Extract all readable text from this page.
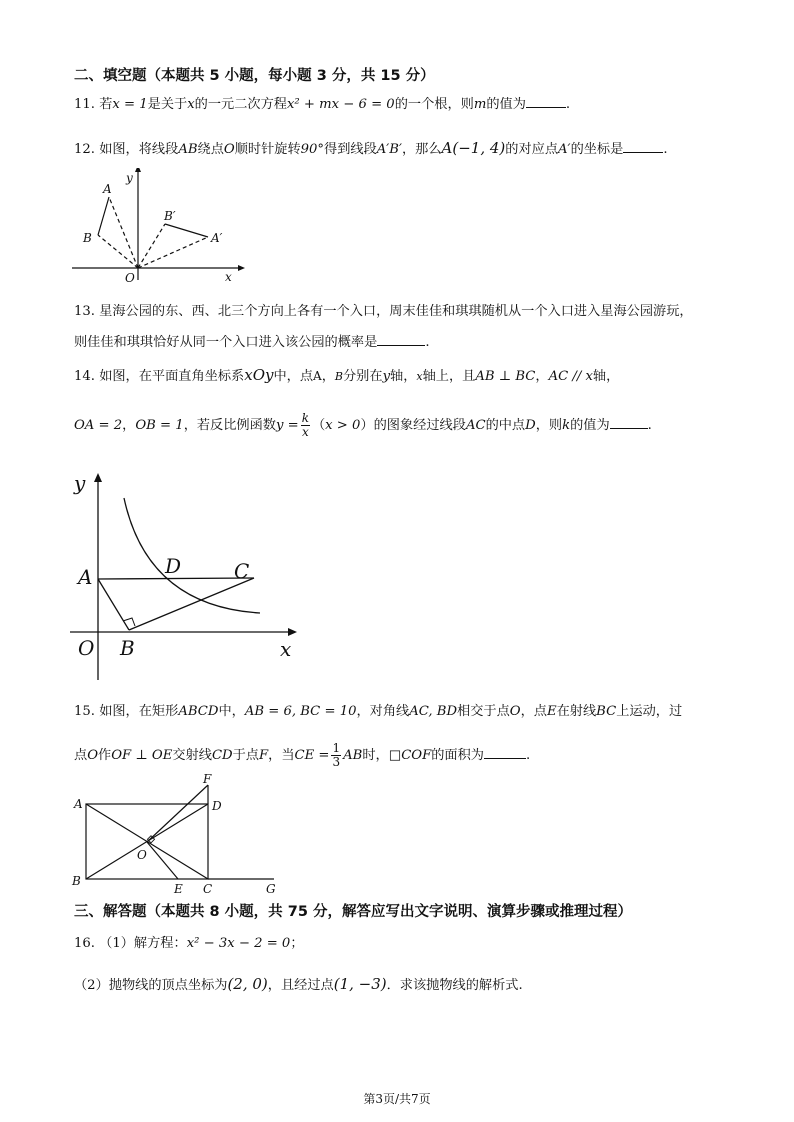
二、填空题（本题共 5 小题，每小题 3 分，共 15 分）
11. 若x = 1是关于x的一元二次方程x² + mx − 6 = 0的一个根，则m的值为	.
12. 如图，将线段AB绕点O顺时针旋转90°得到线段A′B′，那么A(−1, 4)的对应点A′的坐标是	.
A
B
B′
A′
O	x
y
13. 星海公园的东、西、北三个方向上各有一个入口，周末佳佳和琪琪随机从一个入口进入星海公园游玩，
则佳佳和琪琪恰好从同一个入口进入该公园的概率是	.
14. 如图，在平面直角坐标系xOy中，点A，B分别在y轴，x轴上，且AB ⊥ BC，AC // x轴，
OA = 2，OB = 1，若反比例函数$y = \frac{k}{x} (x > 0)$的图象经过线段AC的中点D，则k的值为	.
y
x
A	D	C
O B
15. 如图，在矩形ABCD中，AB = 6, BC = 10，对角线AC, BD相交于点O，点E在射线BC上运动，过
点O作OF ⊥ OE交射线CD于点F，当CE = $\frac{1}{3}$ AB时，□COF的面积为	.
A	D
F
O
B
E C	G
三、解答题（本题共 8 小题，共 75 分，解答应写出文字说明、演算步骤或推理过程）
16. （1）解方程：x² − 3x − 2 = 0；
（2）抛物线的顶点坐标为(2, 0)，且经过点(1, −3)．求该抛物线的解析式.
第3页/共7页
